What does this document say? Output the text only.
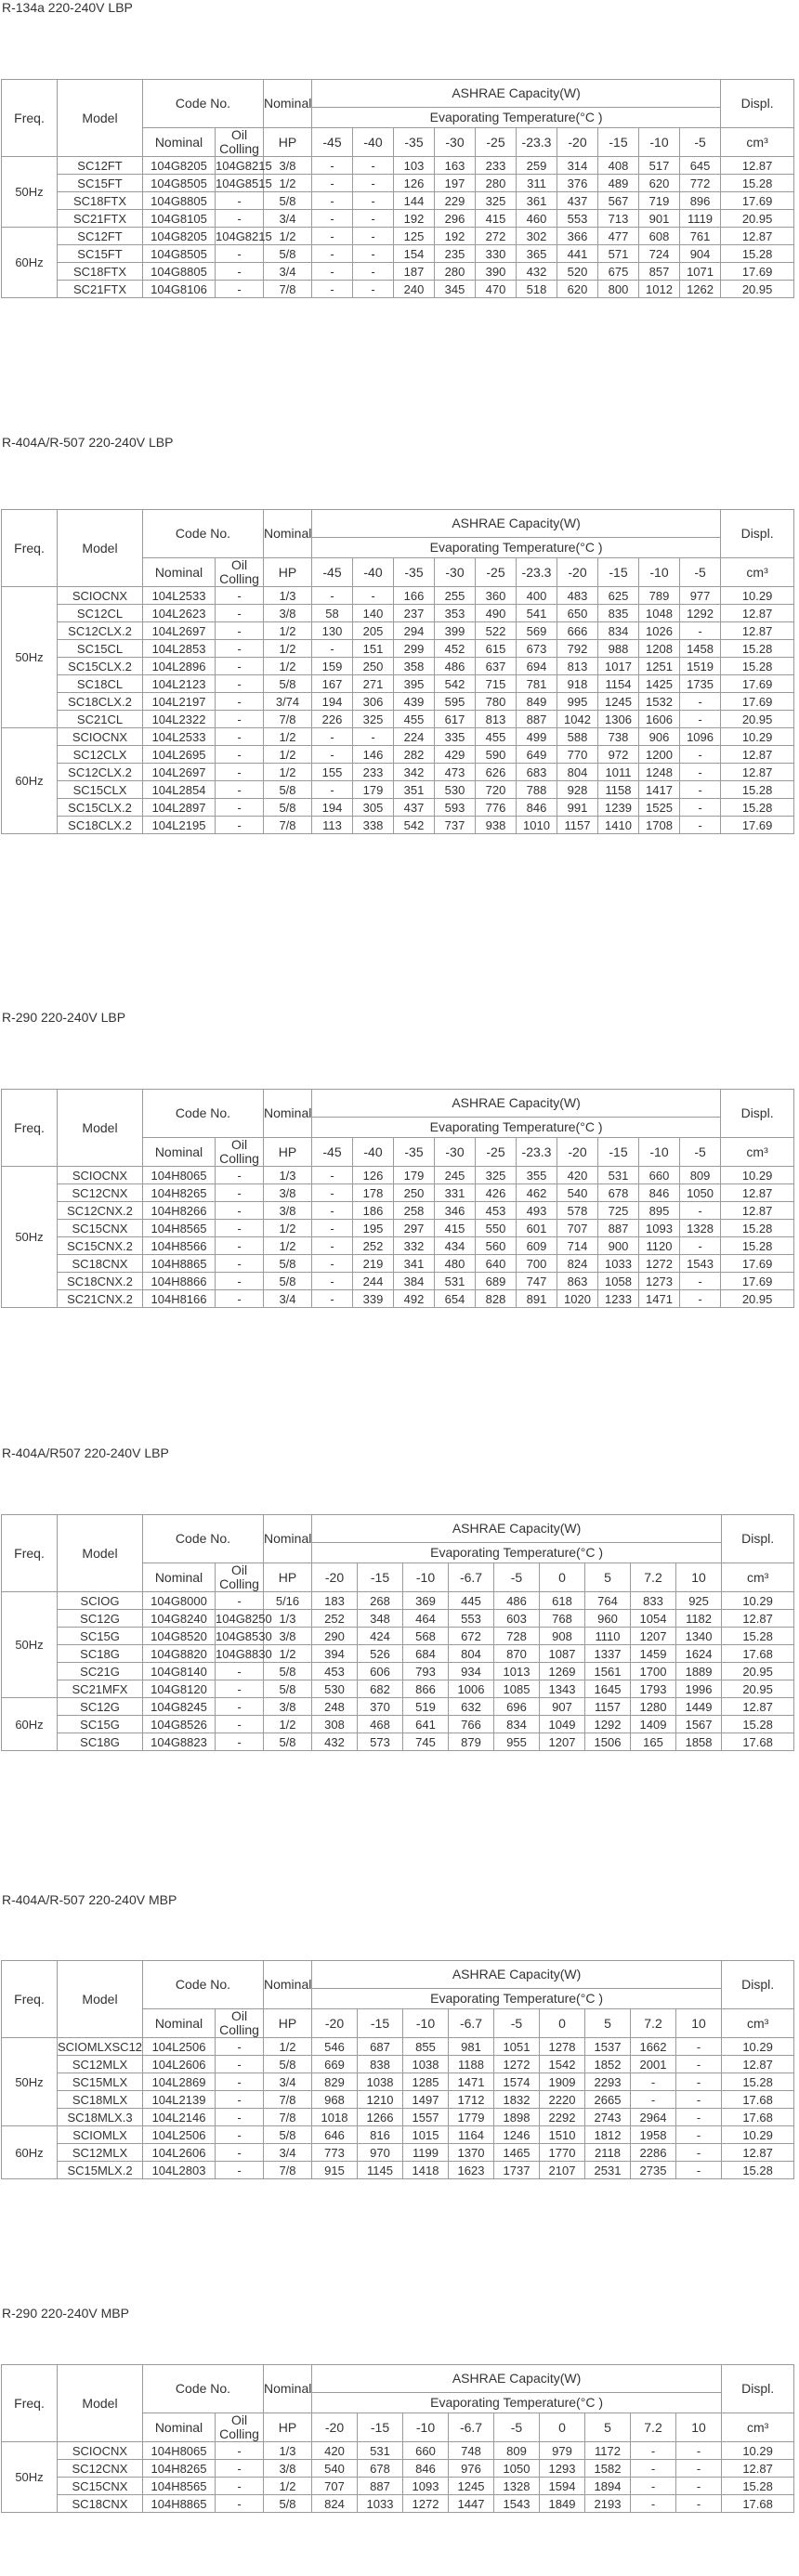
R-134a 220-240V LBP
Freq.	Model	Code No.		Nominal	ASHRAE Capacity(W)										Displ.
					Evaporating Temperature(°C )										
		Nominal	Oil Colling	HP	-45	-40	-35	-30	-25	-23.3	-20	-15	-10	-5	cm³
50Hz	SC12FT	104G8205	104G8215	3/8	-	-	103	163	233	259	314	408	517	645	12.87
	SC15FT	104G8505	104G8515	1/2	-	-	126	197	280	311	376	489	620	772	15.28
	SC18FTX	104G8805	-	5/8	-	-	144	229	325	361	437	567	719	896	17.69
	SC21FTX	104G8105	-	3/4	-	-	192	296	415	460	553	713	901	1119	20.95
60Hz	SC12FT	104G8205	104G8215	1/2	-	-	125	192	272	302	366	477	608	761	12.87
	SC15FT	104G8505	-	5/8	-	-	154	235	330	365	441	571	724	904	15.28
	SC18FTX	104G8805	-	3/4	-	-	187	280	390	432	520	675	857	1071	17.69
	SC21FTX	104G8106	-	7/8	-	-	240	345	470	518	620	800	1012	1262	20.95
R-404A/R-507 220-240V LBP
Freq.	Model	Code No.		Nominal	ASHRAE Capacity(W)										Displ.
					Evaporating Temperature(°C )										
		Nominal	Oil Colling	HP	-45	-40	-35	-30	-25	-23.3	-20	-15	-10	-5	cm³
50Hz	SCIOCNX	104L2533	-	1/3	-	-	166	255	360	400	483	625	789	977	10.29
	SC12CL	104L2623	-	3/8	58	140	237	353	490	541	650	835	1048	1292	12.87
	SC12CLX.2	104L2697	-	1/2	130	205	294	399	522	569	666	834	1026	-	12.87
	SC15CL	104L2853	-	1/2	-	151	299	452	615	673	792	988	1208	1458	15.28
	SC15CLX.2	104L2896	-	1/2	159	250	358	486	637	694	813	1017	1251	1519	15.28
	SC18CL	104L2123	-	5/8	167	271	395	542	715	781	918	1154	1425	1735	17.69
	SC18CLX.2	104L2197	-	3/74	194	306	439	595	780	849	995	1245	1532	-	17.69
	SC21CL	104L2322	-	7/8	226	325	455	617	813	887	1042	1306	1606	-	20.95
60Hz	SCIOCNX	104L2533	-	1/2	-	-	224	335	455	499	588	738	906	1096	10.29
	SC12CLX	104L2695	-	1/2	-	146	282	429	590	649	770	972	1200	-	12.87
	SC12CLX.2	104L2697	-	1/2	155	233	342	473	626	683	804	1011	1248	-	12.87
	SC15CLX	104L2854	-	5/8	-	179	351	530	720	788	928	1158	1417	-	15.28
	SC15CLX.2	104L2897	-	5/8	194	305	437	593	776	846	991	1239	1525	-	15.28
	SC18CLX.2	104L2195	-	7/8	113	338	542	737	938	1010	1157	1410	1708	-	17.69
R-290 220-240V LBP
Freq.	Model	Code No.		Nominal	ASHRAE Capacity(W)										Displ.
					Evaporating Temperature(°C )										
		Nominal	Oil Colling	HP	-45	-40	-35	-30	-25	-23.3	-20	-15	-10	-5	cm³
50Hz	SCIOCNX	104H8065	-	1/3	-	126	179	245	325	355	420	531	660	809	10.29
	SC12CNX	104H8265	-	3/8	-	178	250	331	426	462	540	678	846	1050	12.87
	SC12CNX.2	104H8266	-	3/8	-	186	258	346	453	493	578	725	895	-	12.87
	SC15CNX	104H8565	-	1/2	-	195	297	415	550	601	707	887	1093	1328	15.28
	SC15CNX.2	104H8566	-	1/2	-	252	332	434	560	609	714	900	1120	-	15.28
	SC18CNX	104H8865	-	5/8	-	219	341	480	640	700	824	1033	1272	1543	17.69
	SC18CNX.2	104H8866	-	5/8	-	244	384	531	689	747	863	1058	1273	-	17.69
	SC21CNX.2	104H8166	-	3/4	-	339	492	654	828	891	1020	1233	1471	-	20.95
R-404A/R507 220-240V LBP
Freq.	Model	Code No.		Nominal	ASHRAE Capacity(W)									Displ.
					Evaporating Temperature(°C )									
		Nominal	Oil Colling	HP	-20	-15	-10	-6.7	-5	0	5	7.2	10	cm³
50Hz	SCIOG	104G8000	-	5/16	183	268	369	445	486	618	764	833	925	10.29
	SC12G	104G8240	104G8250	1/3	252	348	464	553	603	768	960	1054	1182	12.87
	SC15G	104G8520	104G8530	3/8	290	424	568	672	728	908	1110	1207	1340	15.28
	SC18G	104G8820	104G8830	1/2	394	526	684	804	870	1087	1337	1459	1624	17.68
	SC21G	104G8140	-	5/8	453	606	793	934	1013	1269	1561	1700	1889	20.95
	SC21MFX	104G8120	-	5/8	530	682	866	1006	1085	1343	1645	1793	1996	20.95
60Hz	SC12G	104G8245	-	3/8	248	370	519	632	696	907	1157	1280	1449	12.87
	SC15G	104G8526	-	1/2	308	468	641	766	834	1049	1292	1409	1567	15.28
	SC18G	104G8823	-	5/8	432	573	745	879	955	1207	1506	165	1858	17.68
R-404A/R-507 220-240V MBP
Freq.	Model	Code No.		Nominal	ASHRAE Capacity(W)									Displ.
					Evaporating Temperature(°C )									
		Nominal	Oil Colling	HP	-20	-15	-10	-6.7	-5	0	5	7.2	10	cm³
50Hz	SCIOMLXSC12	104L2506	-	1/2	546	687	855	981	1051	1278	1537	1662	-	10.29
	SC12MLX	104L2606	-	5/8	669	838	1038	1188	1272	1542	1852	2001	-	12.87
	SC15MLX	104L2869	-	3/4	829	1038	1285	1471	1574	1909	2293	-	-	15.28
	SC18MLX	104L2139	-	7/8	968	1210	1497	1712	1832	2220	2665	-	-	17.68
	SC18MLX.3	104L2146	-	7/8	1018	1266	1557	1779	1898	2292	2743	2964	-	17.68
60Hz	SCIOMLX	104L2506	-	5/8	646	816	1015	1164	1246	1510	1812	1958	-	10.29
	SC12MLX	104L2606	-	3/4	773	970	1199	1370	1465	1770	2118	2286	-	12.87
	SC15MLX.2	104L2803	-	7/8	915	1145	1418	1623	1737	2107	2531	2735	-	15.28
R-290 220-240V MBP
Freq.	Model	Code No.		Nominal	ASHRAE Capacity(W)									Displ.
					Evaporating Temperature(°C )									
		Nominal	Oil Colling	HP	-20	-15	-10	-6.7	-5	0	5	7.2	10	cm³
50Hz	SCIOCNX	104H8065	-	1/3	420	531	660	748	809	979	1172	-	-	10.29
	SC12CNX	104H8265	-	3/8	540	678	846	976	1050	1293	1582	-	-	12.87
	SC15CNX	104H8565	-	1/2	707	887	1093	1245	1328	1594	1894	-	-	15.28
	SC18CNX	104H8865	-	5/8	824	1033	1272	1447	1543	1849	2193	-	-	17.68
